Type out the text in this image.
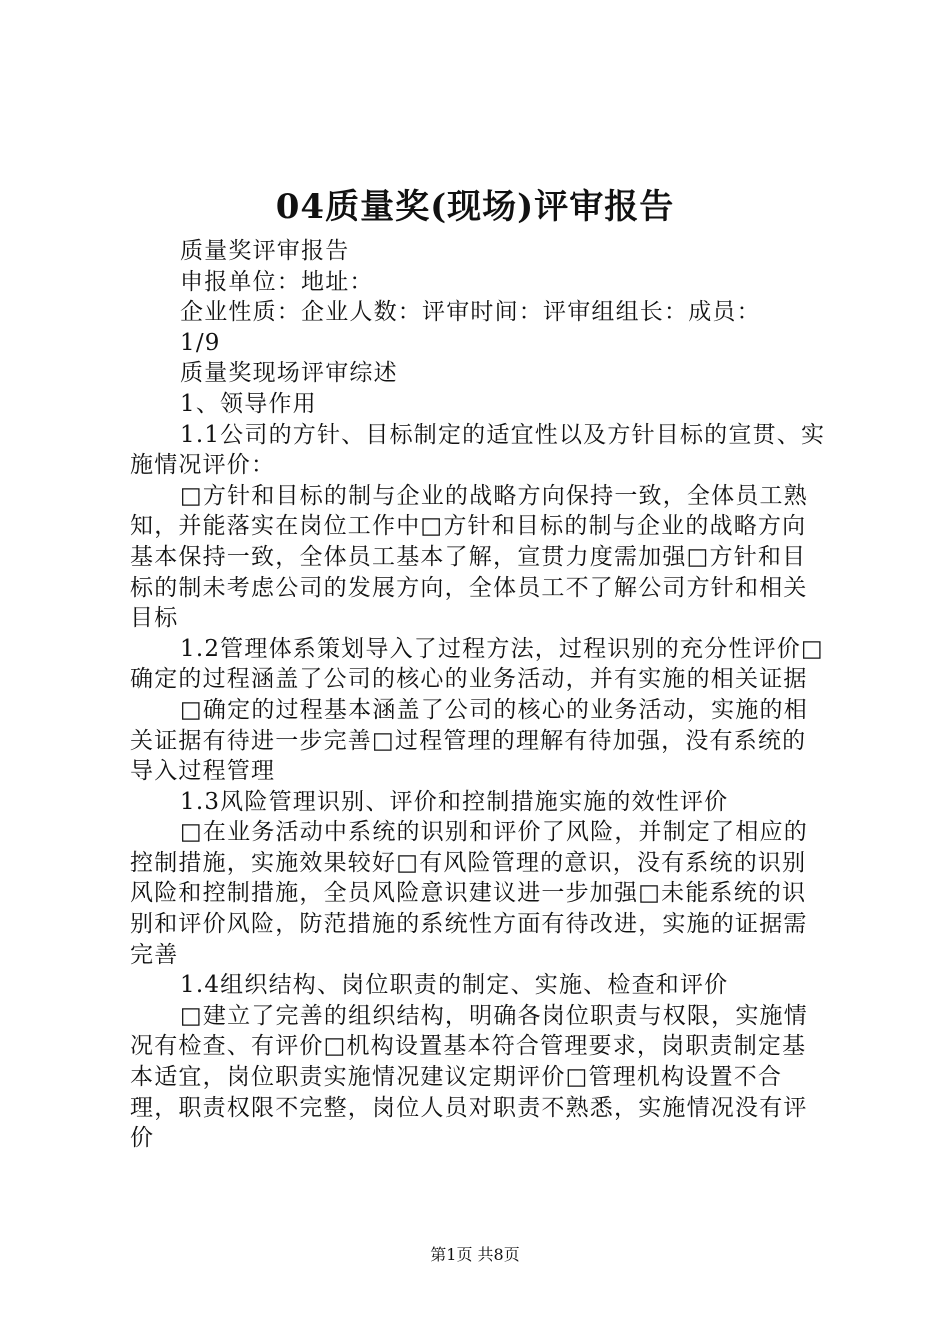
04质量奖(现场)评审报告

质量奖评审报告

申报单位：地址：

企业性质：企业人数：评审时间：评审组组长：成员：

1/9

质量奖现场评审综述

1、领导作用

1.1公司的方针、目标制定的适宜性以及方针目标的宣贯、实施情况评价：

□方针和目标的制与企业的战略方向保持一致，全体员工熟知，并能落实在岗位工作中□方针和目标的制与企业的战略方向基本保持一致，全体员工基本了解，宣贯力度需加强□方针和目标的制未考虑公司的发展方向，全体员工不了解公司方针和相关目标

1.2管理体系策划导入了过程方法，过程识别的充分性评价□确定的过程涵盖了公司的核心的业务活动，并有实施的相关证据

□确定的过程基本涵盖了公司的核心的业务活动，实施的相关证据有待进一步完善□过程管理的理解有待加强，没有系统的导入过程管理

1.3风险管理识别、评价和控制措施实施的效性评价

□在业务活动中系统的识别和评价了风险，并制定了相应的控制措施，实施效果较好□有风险管理的意识，没有系统的识别风险和控制措施，全员风险意识建议进一步加强□未能系统的识别和评价风险，防范措施的系统性方面有待改进，实施的证据需完善

1.4组织结构、岗位职责的制定、实施、检查和评价

□建立了完善的组织结构，明确各岗位职责与权限，实施情况有检查、有评价□机构设置基本符合管理要求，岗职责制定基本适宜，岗位职责实施情况建议定期评价□管理机构设置不合理，职责权限不完整，岗位人员对职责不熟悉，实施情况没有评价

第1页 共8页
